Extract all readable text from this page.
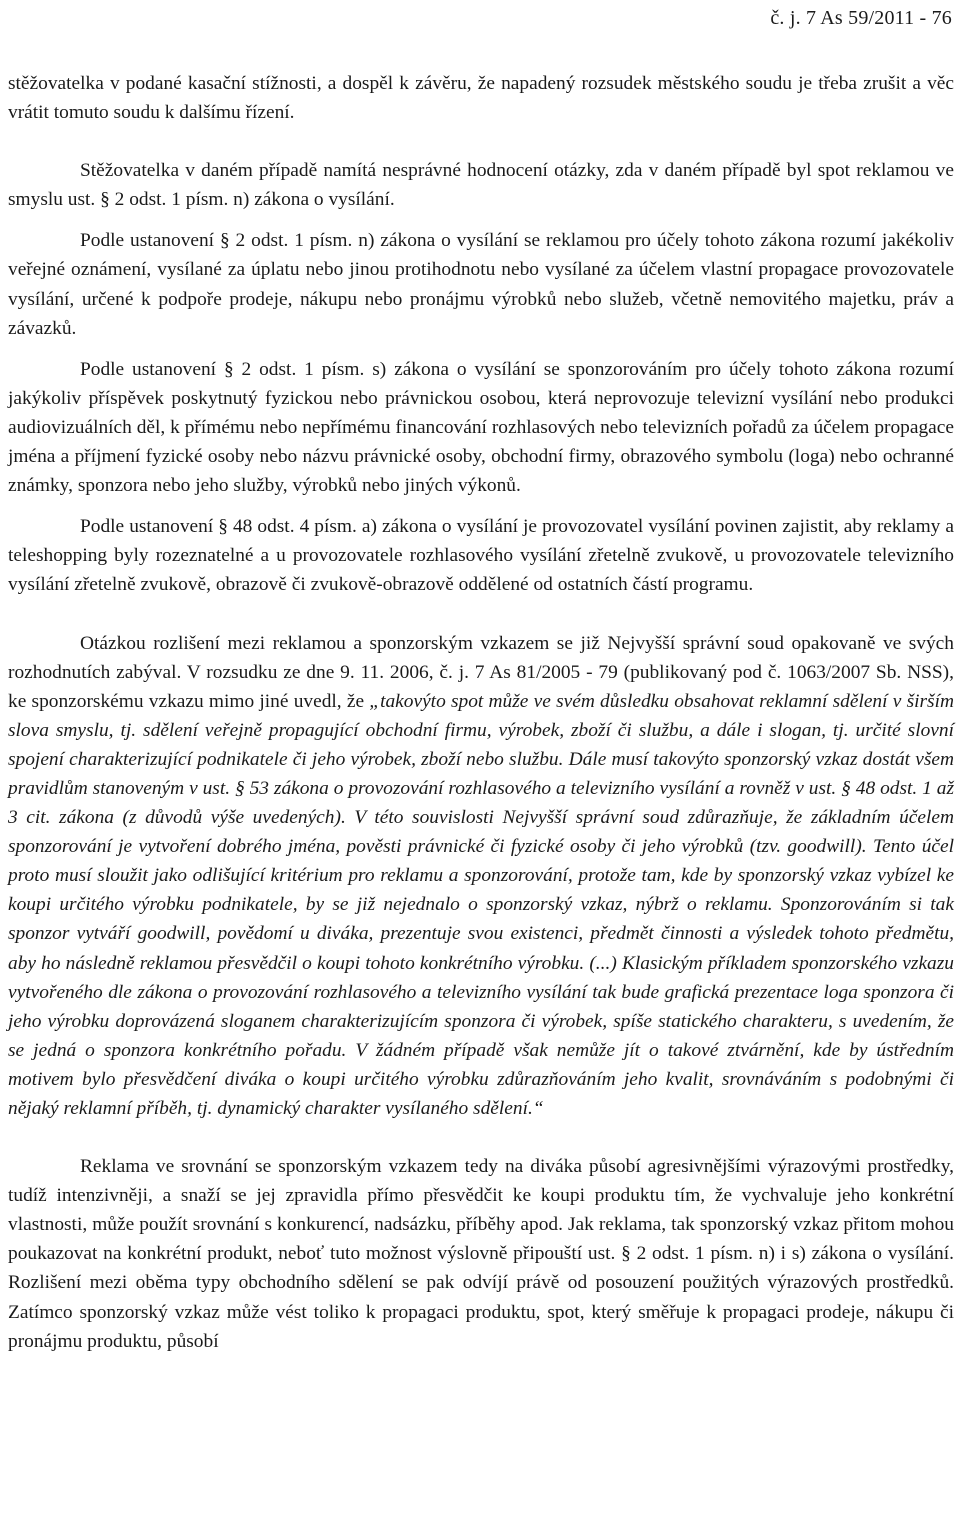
č. j. 7 As 59/2011 - 76

stěžovatelka v podané kasační stížnosti, a dospěl k závěru, že napadený rozsudek městského soudu je třeba zrušit a věc vrátit tomuto soudu k dalšímu řízení.

Stěžovatelka v daném případě namítá nesprávné hodnocení otázky, zda v daném případě byl spot reklamou ve smyslu ust. § 2 odst. 1 písm. n) zákona o vysílání.

Podle ustanovení § 2 odst. 1 písm. n) zákona o vysílání se reklamou pro účely tohoto zákona rozumí jakékoliv veřejné oznámení, vysílané za úplatu nebo jinou protihodnotu nebo vysílané za účelem vlastní propagace provozovatele vysílání, určené k podpoře prodeje, nákupu nebo pronájmu výrobků nebo služeb, včetně nemovitého majetku, práv a závazků.

Podle ustanovení § 2 odst. 1 písm. s) zákona o vysílání se sponzorováním pro účely tohoto zákona rozumí jakýkoliv příspěvek poskytnutý fyzickou nebo právnickou osobou, která neprovozuje televizní vysílání nebo produkci audiovizuálních děl, k přímému nebo nepřímému financování rozhlasových nebo televizních pořadů za účelem propagace jména a příjmení fyzické osoby nebo názvu právnické osoby, obchodní firmy, obrazového symbolu (loga) nebo ochranné známky, sponzora nebo jeho služby, výrobků nebo jiných výkonů.

Podle ustanovení § 48 odst. 4 písm. a) zákona o vysílání je provozovatel vysílání povinen zajistit, aby reklamy a teleshopping byly rozeznatelné a u provozovatele rozhlasového vysílání zřetelně zvukově, u provozovatele televizního vysílání zřetelně zvukově, obrazově či zvukově-obrazově oddělené od ostatních částí programu.

Otázkou rozlišení mezi reklamou a sponzorským vzkazem se již Nejvyšší správní soud opakovaně ve svých rozhodnutích zabýval. V rozsudku ze dne 9. 11. 2006, č. j. 7 As 81/2005 - 79 (publikovaný pod č. 1063/2007 Sb. NSS), ke sponzorskému vzkazu mimo jiné uvedl, že „takovýto spot může ve svém důsledku obsahovat reklamní sdělení v širším slova smyslu, tj. sdělení veřejně propagující obchodní firmu, výrobek, zboží či službu, a dále i slogan, tj. určité slovní spojení charakterizující podnikatele či jeho výrobek, zboží nebo službu. Dále musí takovýto sponzorský vzkaz dostát všem pravidlům stanoveným v ust. § 53 zákona o provozování rozhlasového a televizního vysílání a rovněž v ust. § 48 odst. 1 až 3 cit. zákona (z důvodů výše uvedených). V této souvislosti Nejvyšší správní soud zdůrazňuje, že základním účelem sponzorování je vytvoření dobrého jména, pověsti právnické či fyzické osoby či jeho výrobků (tzv. goodwill). Tento účel proto musí sloužit jako odlišující kritérium pro reklamu a sponzorování, protože tam, kde by sponzorský vzkaz vybízel ke koupi určitého výrobku podnikatele, by se již nejednalo o sponzorský vzkaz, nýbrž o reklamu. Sponzorováním si tak sponzor vytváří goodwill, povědomí u diváka, prezentuje svou existenci, předmět činnosti a výsledek tohoto předmětu, aby ho následně reklamou přesvědčil o koupi tohoto konkrétního výrobku. (...) Klasickým příkladem sponzorského vzkazu vytvořeného dle zákona o provozování rozhlasového a televizního vysílání tak bude grafická prezentace loga sponzora či jeho výrobku doprovázená sloganem charakterizujícím sponzora či výrobek, spíše statického charakteru, s uvedením, že se jedná o sponzora konkrétního pořadu. V žádném případě však nemůže jít o takové ztvárnění, kde by ústředním motivem bylo přesvědčení diváka o koupi určitého výrobku zdůrazňováním jeho kvalit, srovnáváním s podobnými či nějaký reklamní příběh, tj. dynamický charakter vysílaného sdělení.“

Reklama ve srovnání se sponzorským vzkazem tedy na diváka působí agresivnějšími výrazovými prostředky, tudíž intenzivněji, a snaží se jej zpravidla přímo přesvědčit ke koupi produktu tím, že vychvaluje jeho konkrétní vlastnosti, může použít srovnání s konkurencí, nadsázku, příběhy apod. Jak reklama, tak sponzorský vzkaz přitom mohou poukazovat na konkrétní produkt, neboť tuto možnost výslovně připouští ust. § 2 odst. 1 písm. n) i s) zákona o vysílání. Rozlišení mezi oběma typy obchodního sdělení se pak odvíjí právě od posouzení použitých výrazových prostředků. Zatímco sponzorský vzkaz může vést toliko k propagaci produktu, spot, který směřuje k propagaci prodeje, nákupu či pronájmu produktu, působí
